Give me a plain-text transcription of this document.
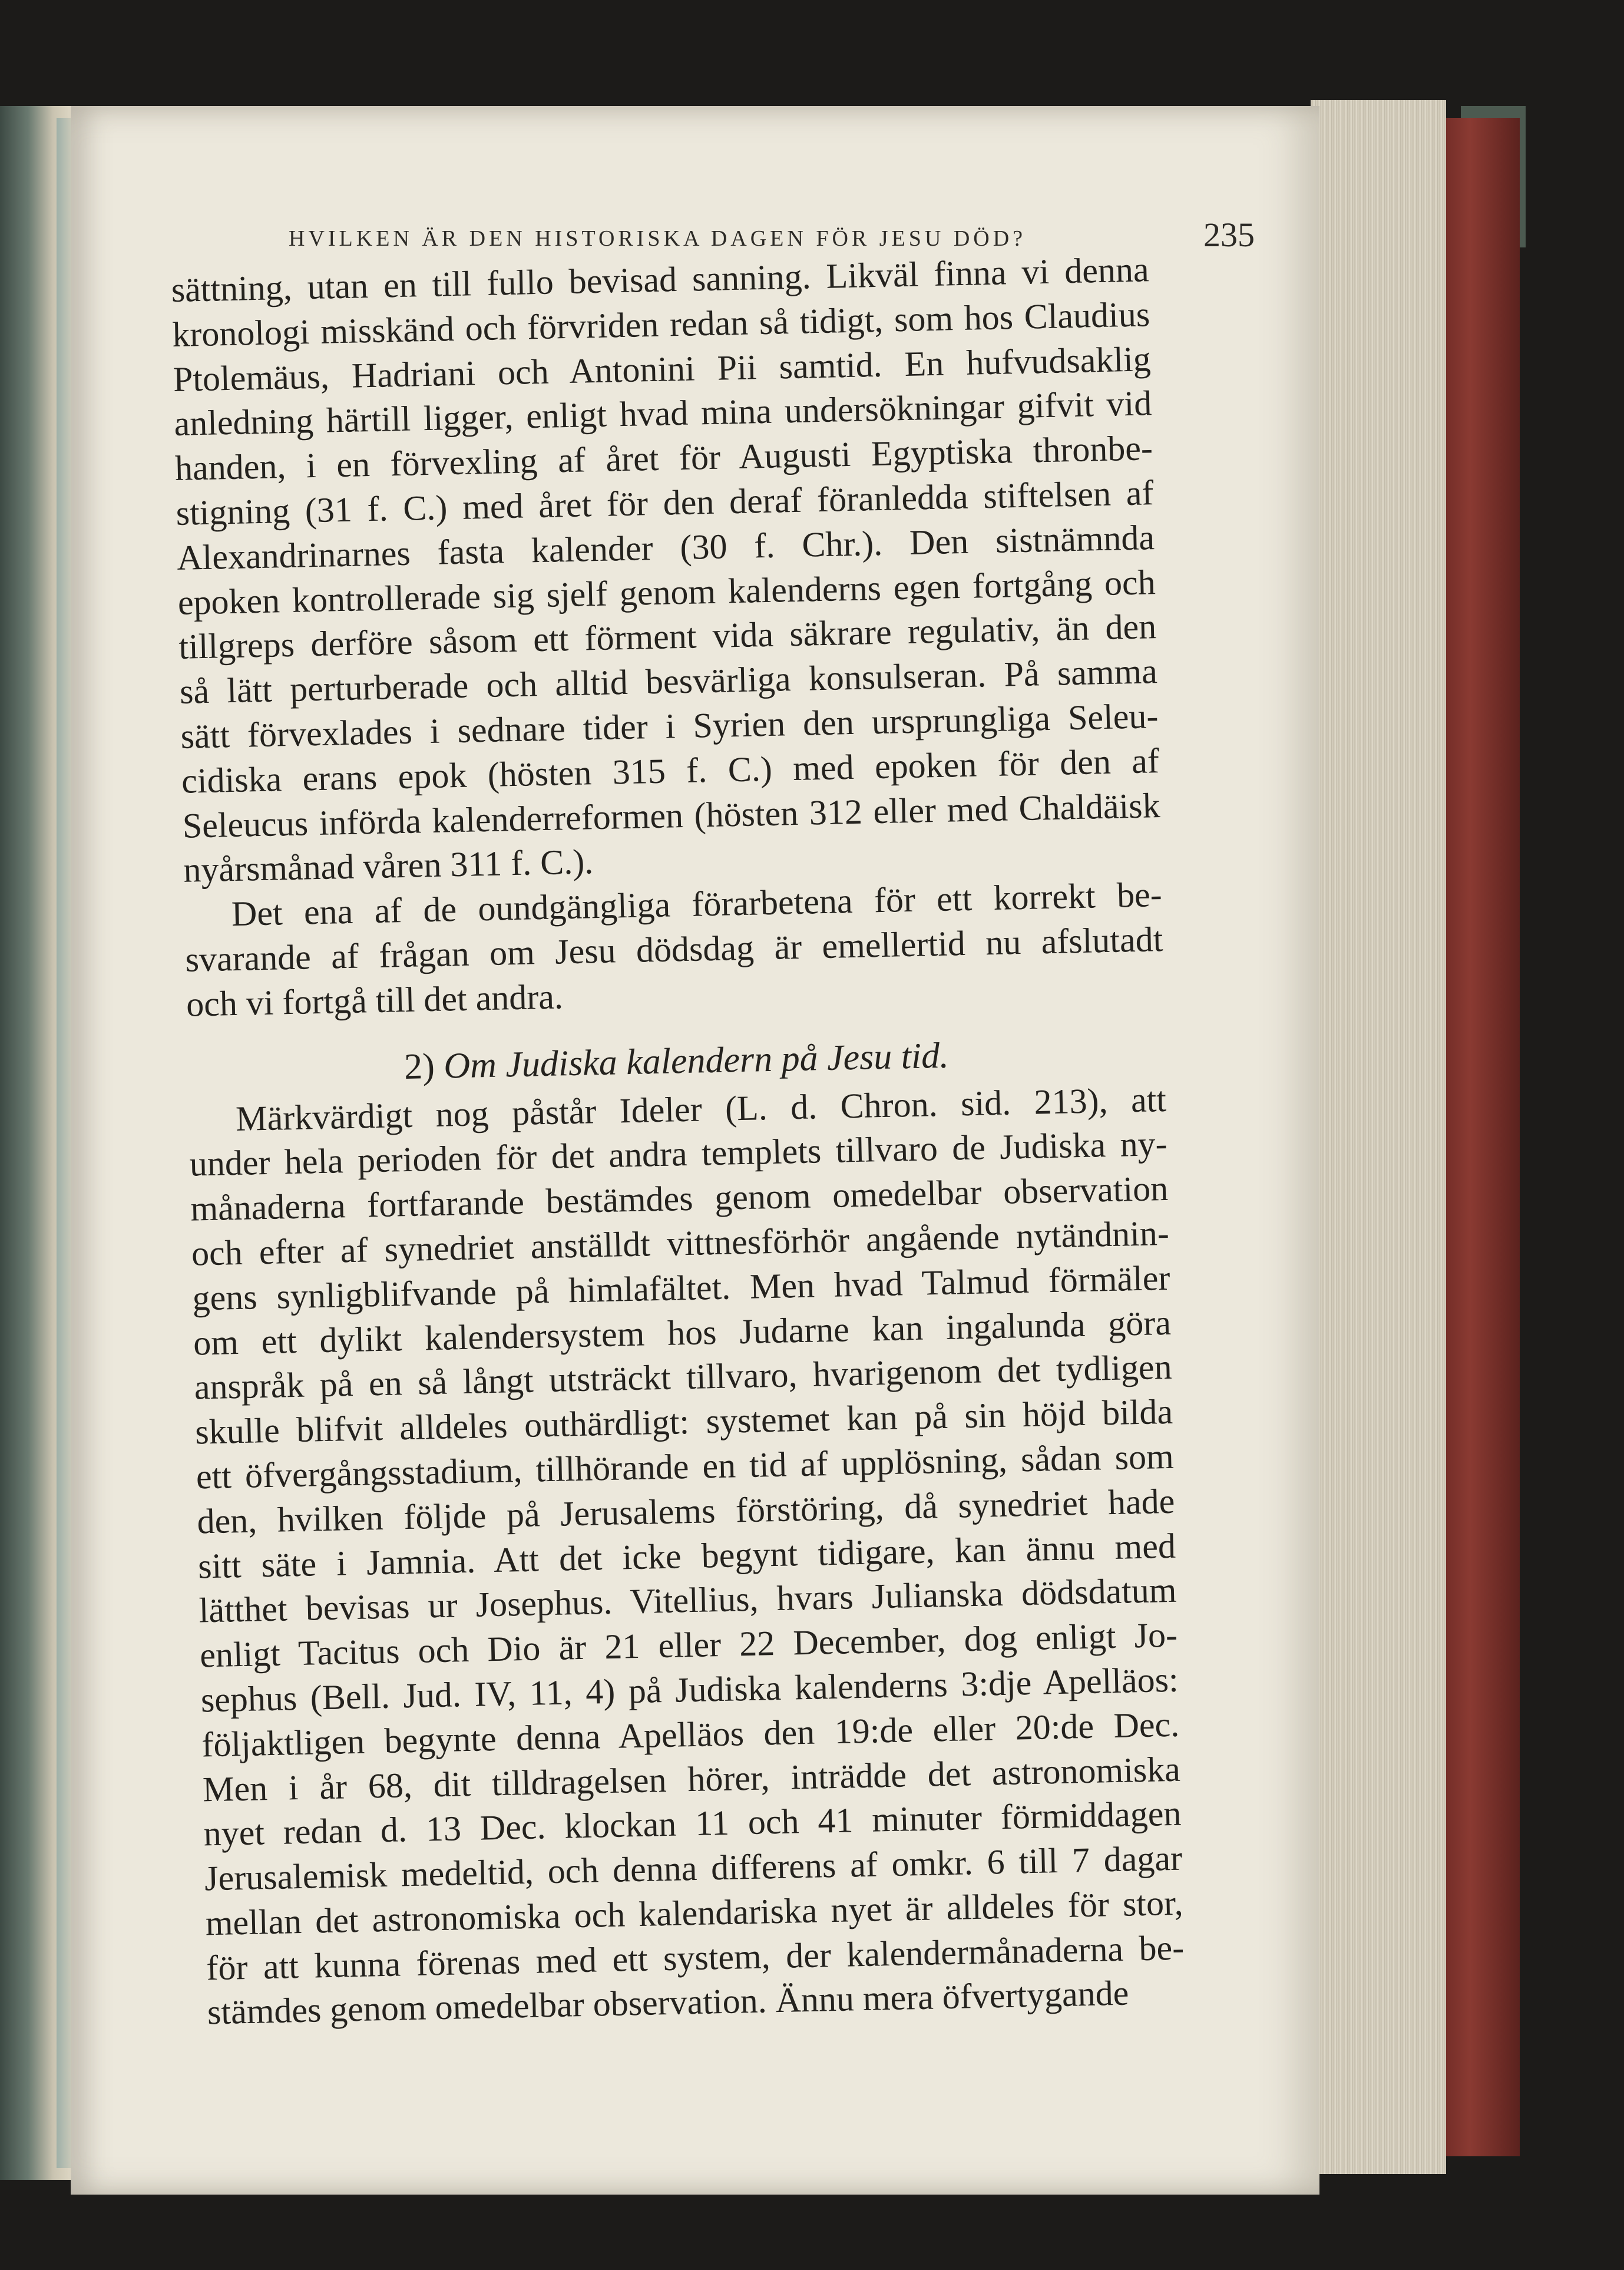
HVILKEN ÄR DEN HISTORISKA DAGEN FÖR JESU DÖD?	235
sättning, utan en till fullo bevisad sanning. Likväl finna vi denna
kronologi misskänd och förvriden redan så tidigt, som hos Claudius
Ptolemäus, Hadriani och Antonini Pii samtid. En hufvudsaklig
anledning härtill ligger, enligt hvad mina undersökningar gifvit vid
handen, i en förvexling af året för Augusti Egyptiska thronbe-
stigning (31 f. C.) med året för den deraf föranledda stiftelsen af
Alexandrinarnes fasta kalender (30 f. Chr.). Den sistnämnda
epoken kontrollerade sig sjelf genom kalenderns egen fortgång och
tillgreps derföre såsom ett förment vida säkrare regulativ, än den
så lätt perturberade och alltid besvärliga konsulseran. På samma
sätt förvexlades i sednare tider i Syrien den ursprungliga Seleu-
cidiska erans epok (hösten 315 f. C.) med epoken för den af
Seleucus införda kalenderreformen (hösten 312 eller med Chaldäisk
nyårsmånad våren 311 f. C.).
Det ena af de oundgängliga förarbetena för ett korrekt be-
svarande af frågan om Jesu dödsdag är emellertid nu afslutadt
och vi fortgå till det andra.
2) Om Judiska kalendern på Jesu tid.
Märkvärdigt nog påstår Ideler (L. d. Chron. sid. 213), att
under hela perioden för det andra templets tillvaro de Judiska ny-
månaderna fortfarande bestämdes genom omedelbar observation
och efter af synedriet anställdt vittnesförhör angående nytändnin-
gens synligblifvande på himlafältet. Men hvad Talmud förmäler
om ett dylikt kalendersystem hos Judarne kan ingalunda göra
anspråk på en så långt utsträckt tillvaro, hvarigenom det tydligen
skulle blifvit alldeles outhärdligt: systemet kan på sin höjd bilda
ett öfvergångsstadium, tillhörande en tid af upplösning, sådan som
den, hvilken följde på Jerusalems förstöring, då synedriet hade
sitt säte i Jamnia. Att det icke begynt tidigare, kan ännu med
lätthet bevisas ur Josephus. Vitellius, hvars Julianska dödsdatum
enligt Tacitus och Dio är 21 eller 22 December, dog enligt Jo-
sephus (Bell. Jud. IV, 11, 4) på Judiska kalenderns 3:dje Apelläos:
följaktligen begynte denna Apelläos den 19:de eller 20:de Dec.
Men i år 68, dit tilldragelsen hörer, inträdde det astronomiska
nyet redan d. 13 Dec. klockan 11 och 41 minuter förmiddagen
Jerusalemisk medeltid, och denna differens af omkr. 6 till 7 dagar
mellan det astronomiska och kalendariska nyet är alldeles för stor,
för att kunna förenas med ett system, der kalendermånaderna be-
stämdes genom omedelbar observation. Ännu mera öfvertygande
